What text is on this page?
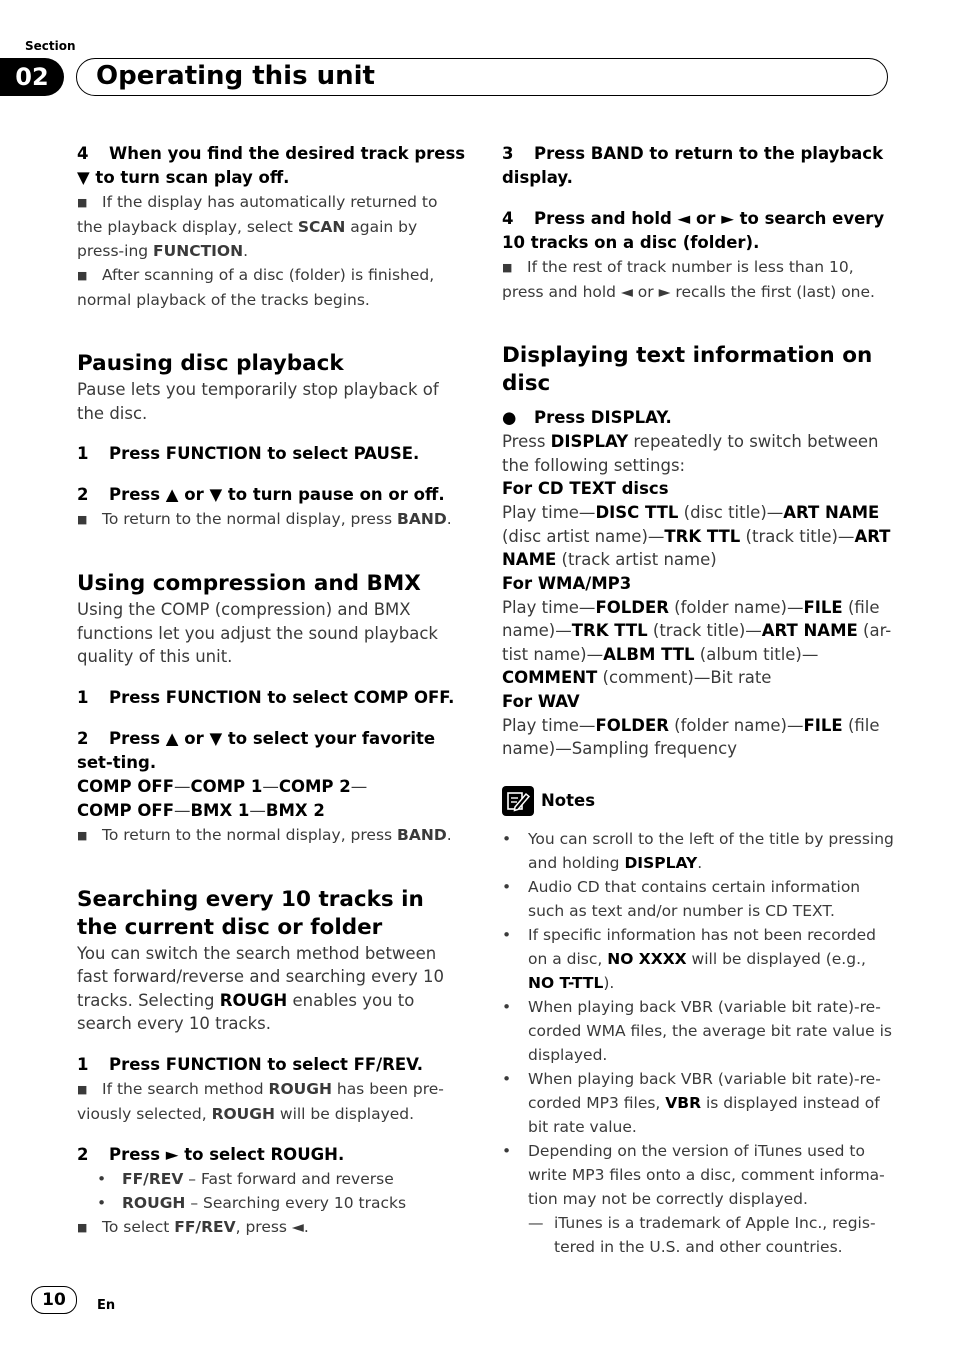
Section
02	Operating this unit

4 When you find the desired track press ▼ to turn scan play off.

■ If the display has automatically returned to the playback display, select SCAN again by press-ing FUNCTION.

■ After scanning of a disc (folder) is finished, normal playback of the tracks begins.

Pausing disc playback

Pause lets you temporarily stop playback of the disc.

1 Press FUNCTION to select PAUSE.

2 Press ▲ or ▼ to turn pause on or off.

■ To return to the normal display, press BAND.

Using compression and BMX

Using the COMP (compression) and BMX functions let you adjust the sound playback quality of this unit.

1 Press FUNCTION to select COMP OFF.

2 Press ▲ or ▼ to select your favorite set-ting.

COMP OFF—COMP 1—COMP 2—

COMP OFF—BMX 1—BMX 2

■ To return to the normal display, press BAND.

Searching every 10 tracks in the current disc or folder

You can switch the search method between fast forward/reverse and searching every 10 tracks. Selecting ROUGH enables you to search every 10 tracks.

1 Press FUNCTION to select FF/REV.

■ If the search method ROUGH has been pre-viously selected, ROUGH will be displayed.

2 Press ► to select ROUGH.

• FF/REV – Fast forward and reverse

• ROUGH – Searching every 10 tracks

■ To select FF/REV, press ◄.

3 Press BAND to return to the playback display.

4 Press and hold ◄ or ► to search every 10 tracks on a disc (folder).

■ If the rest of track number is less than 10, press and hold ◄ or ► recalls the first (last) one.

Displaying text information on disc

● Press DISPLAY.

Press DISPLAY repeatedly to switch between the following settings:

For CD TEXT discs

Play time—DISC TTL (disc title)—ART NAME (disc artist name)—TRK TTL (track title)—ART NAME (track artist name)

For WMA/MP3

Play time—FOLDER (folder name)—FILE (file name)—TRK TTL (track title)—ART NAME (ar-tist name)—ALBM TTL (album title)—COMMENT (comment)—Bit rate

For WAV

Play time—FOLDER (folder name)—FILE (file name)—Sampling frequency

Notes

• You can scroll to the left of the title by pressing and holding DISPLAY.

• Audio CD that contains certain information such as text and/or number is CD TEXT.

• If specific information has not been recorded on a disc, NO XXXX will be displayed (e.g., NO T-TTL).

• When playing back VBR (variable bit rate)-re-corded WMA files, the average bit rate value is displayed.

• When playing back VBR (variable bit rate)-re-corded MP3 files, VBR is displayed instead of bit rate value.

• Depending on the version of iTunes used to write MP3 files onto a disc, comment informa-tion may not be correctly displayed.

— iTunes is a trademark of Apple Inc., regis-tered in the U.S. and other countries.

10	En
